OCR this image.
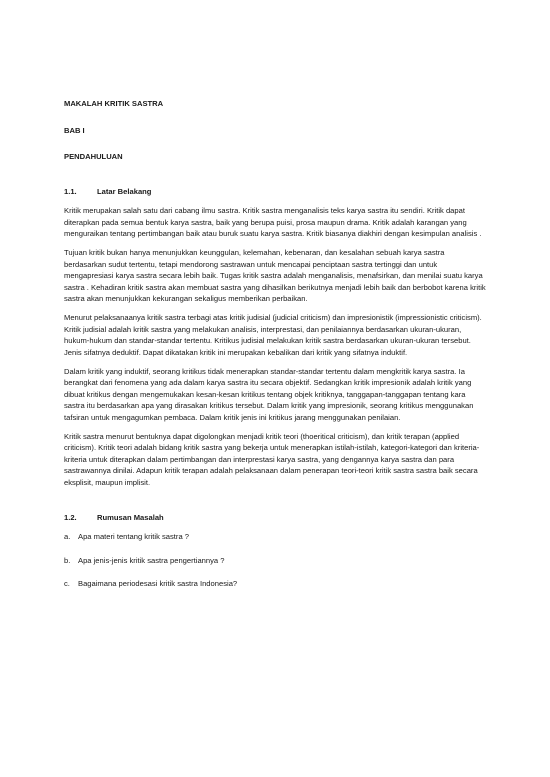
MAKALAH KRITIK SASTRA

BAB I

PENDAHULUAN

1.1.	Latar Belakang

Kritik merupakan salah satu dari cabang ilmu sastra. Kritik sastra menganalisis teks karya sastra itu sendiri. Kritik dapat diterapkan pada semua bentuk karya sastra, baik yang berupa puisi, prosa maupun drama. Kritik adalah karangan yang menguraikan tentang pertimbangan baik atau buruk suatu karya sastra. Kritik biasanya diakhiri dengan kesimpulan analisis .

Tujuan kritik bukan hanya menunjukkan keunggulan, kelemahan, kebenaran, dan kesalahan sebuah karya sastra berdasarkan sudut tertentu, tetapi mendorong sastrawan untuk mencapai penciptaan sastra tertinggi dan untuk mengapresiasi karya sastra secara lebih baik. Tugas kritik sastra adalah menganalisis, menafsirkan, dan menilai suatu karya sastra . Kehadiran kritik sastra akan membuat sastra yang dihasilkan berikutnya menjadi lebih baik dan berbobot karena kritik sastra akan menunjukkan kekurangan sekaligus memberikan perbaikan.

Menurut pelaksanaanya kritik sastra terbagi atas kritik judisial (judicial criticism) dan impresionistik (impressionistic criticism). Kritik judisial adalah kritik sastra yang melakukan analisis, interprestasi, dan penilaiannya berdasarkan ukuran-ukuran, hukum-hukum dan standar-standar tertentu. Kritikus judisial melakukan kritik sastra berdasarkan ukuran-ukuran tersebut. Jenis sifatnya deduktif. Dapat dikatakan kritik ini merupakan kebalikan dari kritik yang sifatnya induktif.

Dalam kritik yang induktif, seorang kritikus tidak menerapkan standar-standar tertentu dalam mengkritik karya sastra. Ia berangkat dari fenomena yang ada dalam karya sastra itu secara objektif. Sedangkan kritik impresionik adalah kritik yang dibuat kritikus dengan mengemukakan kesan-kesan kritikus tentang objek kritiknya, tanggapan-tanggapan tentang kara sastra itu berdasarkan apa yang dirasakan kritikus tersebut. Dalam kritik yang impresionik, seorang kritikus menggunakan tafsiran untuk mengagumkan pembaca. Dalam kritik jenis ini kritikus jarang menggunakan penilaian.

Kritik sastra menurut bentuknya dapat digolongkan menjadi kritik teori (thoeritical criticism), dan kritik terapan (applied criticism). Kritik teori adalah bidang kritik sastra yang bekerja untuk menerapkan istilah-istilah, kategori-kategori dan kriteria-kriteria untuk diterapkan dalam pertimbangan dan interprestasi karya sastra, yang dengannya karya sastra dan para sastrawannya dinilai. Adapun kritik terapan adalah pelaksanaan dalam penerapan teori-teori kritik sastra sastra baik secara eksplisit, maupun implisit.

1.2.	Rumusan Masalah
a.	Apa materi tentang kritik sastra ?
b.	Apa jenis-jenis kritik sastra pengertiannya ?
c.	Bagaimana periodesasi kritik sastra Indonesia?
